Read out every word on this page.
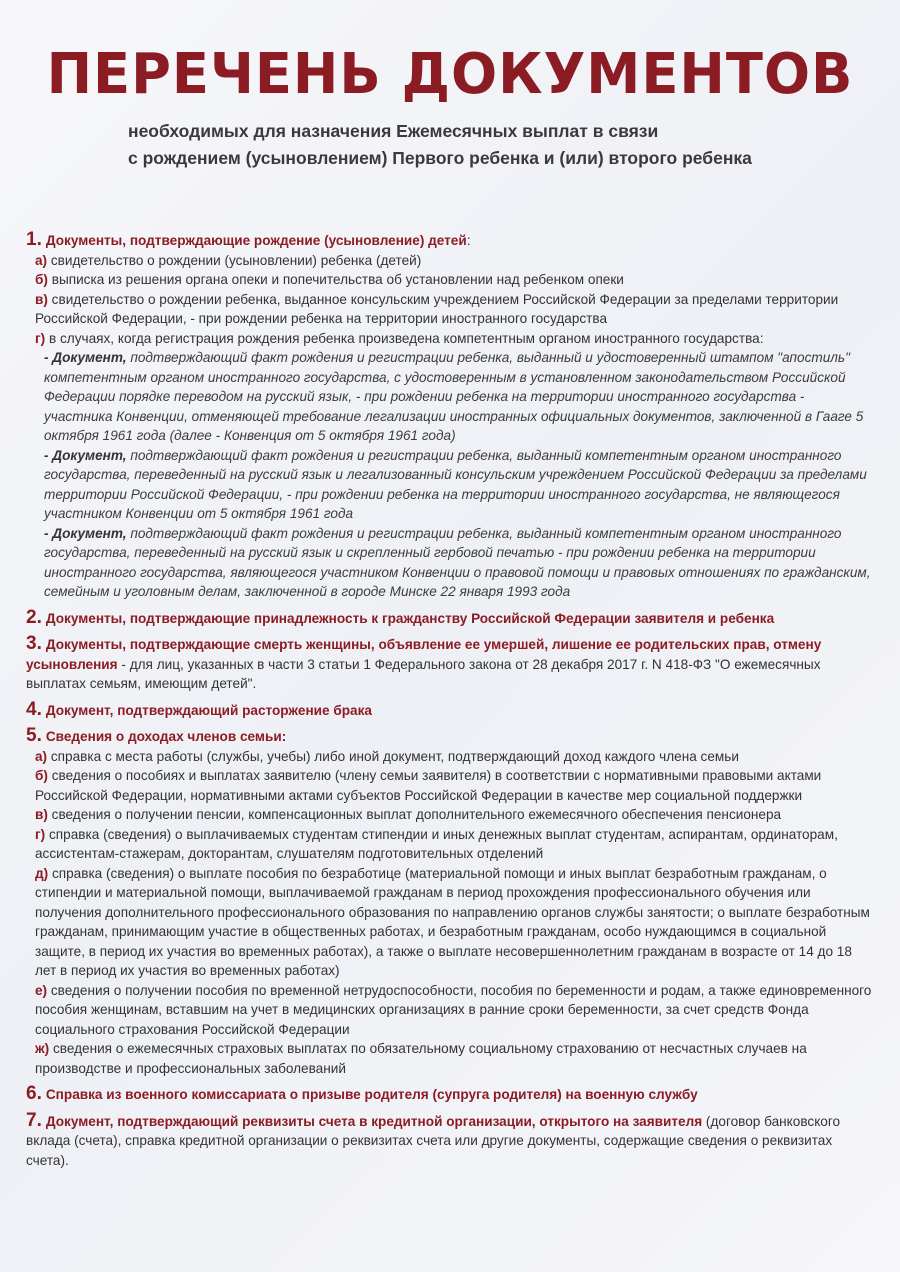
ПЕРЕЧЕНЬ ДОКУМЕНТОВ
необходимых для назначения Ежемесячных выплат в связи
с рождением (усыновлением) Первого ребенка и (или) второго ребенка
1. Документы, подтверждающие рождение (усыновление) детей:
а) свидетельство о рождении (усыновлении) ребенка (детей)
б) выписка из решения органа опеки и попечительства об установлении над ребенком опеки
в) свидетельство о рождении ребенка, выданное консульским учреждением Российской Федерации за пределами территории Российской Федерации, - при рождении ребенка на территории иностранного государства
г) в случаях, когда регистрация рождения ребенка произведена компетентным органом иностранного государства:
- Документ, подтверждающий факт рождения и регистрации ребенка, выданный и удостоверенный штампом "апостиль" компетентным органом иностранного государства, с удостоверенным в установленном законодательством Российской Федерации порядке переводом на русский язык, - при рождении ребенка на территории иностранного государства - участника Конвенции, отменяющей требование легализации иностранных официальных документов, заключенной в Гааге 5 октября 1961 года (далее - Конвенция от 5 октября 1961 года)
- Документ, подтверждающий факт рождения и регистрации ребенка, выданный компетентным органом иностранного государства, переведенный на русский язык и легализованный консульским учреждением Российской Федерации за пределами территории Российской Федерации, - при рождении ребенка на территории иностранного государства, не являющегося участником Конвенции от 5 октября 1961 года
- Документ, подтверждающий факт рождения и регистрации ребенка, выданный компетентным органом иностранного государства, переведенный на русский язык и скрепленный гербовой печатью - при рождении ребенка на территории иностранного государства, являющегося участником Конвенции о правовой помощи и правовых отношениях по гражданским, семейным и уголовным делам, заключенной в городе Минске 22 января 1993 года
2. Документы, подтверждающие принадлежность к гражданству Российской Федерации заявителя и ребенка
3. Документы, подтверждающие смерть женщины, объявление ее умершей, лишение ее родительских прав, отмену усыновления - для лиц, указанных в части 3 статьи 1 Федерального закона от 28 декабря 2017 г. N 418-ФЗ "О ежемесячных выплатах семьям, имеющим детей".
4. Документ, подтверждающий расторжение брака
5. Сведения о доходах членов семьи:
а) справка с места работы (службы, учебы) либо иной документ, подтверждающий доход каждого члена семьи
б) сведения о пособиях и выплатах заявителю (члену семьи заявителя) в соответствии с нормативными правовыми актами Российской Федерации, нормативными актами субъектов Российской Федерации в качестве мер социальной поддержки
в) сведения о получении пенсии, компенсационных выплат дополнительного ежемесячного обеспечения пенсионера
г) справка (сведения) о выплачиваемых студентам стипендии и иных денежных выплат студентам, аспирантам, ординаторам, ассистентам-стажерам, докторантам, слушателям подготовительных отделений
д) справка (сведения) о выплате пособия по безработице (материальной помощи и иных выплат безработным гражданам, о стипендии и материальной помощи, выплачиваемой гражданам в период прохождения профессионального обучения или получения дополнительного профессионального образования по направлению органов службы занятости; о выплате безработным гражданам, принимающим участие в общественных работах, и безработным гражданам, особо нуждающимся в социальной защите, в период их участия во временных работах), а также о выплате несовершеннолетним гражданам в возрасте от 14 до 18 лет в период их участия во временных работах)
е) сведения о получении пособия по временной нетрудоспособности, пособия по беременности и родам, а также единовременного пособия женщинам, вставшим на учет в медицинских организациях в ранние сроки беременности, за счет средств Фонда социального страхования Российской Федерации
ж) сведения о ежемесячных страховых выплатах по обязательному социальному страхованию от несчастных случаев на производстве и профессиональных заболеваний
6. Справка из военного комиссариата о призыве родителя (супруга родителя) на военную службу
7. Документ, подтверждающий реквизиты счета в кредитной организации, открытого на заявителя (договор банковского вклада (счета), справка кредитной организации о реквизитах счета или другие документы, содержащие сведения о реквизитах счета).
